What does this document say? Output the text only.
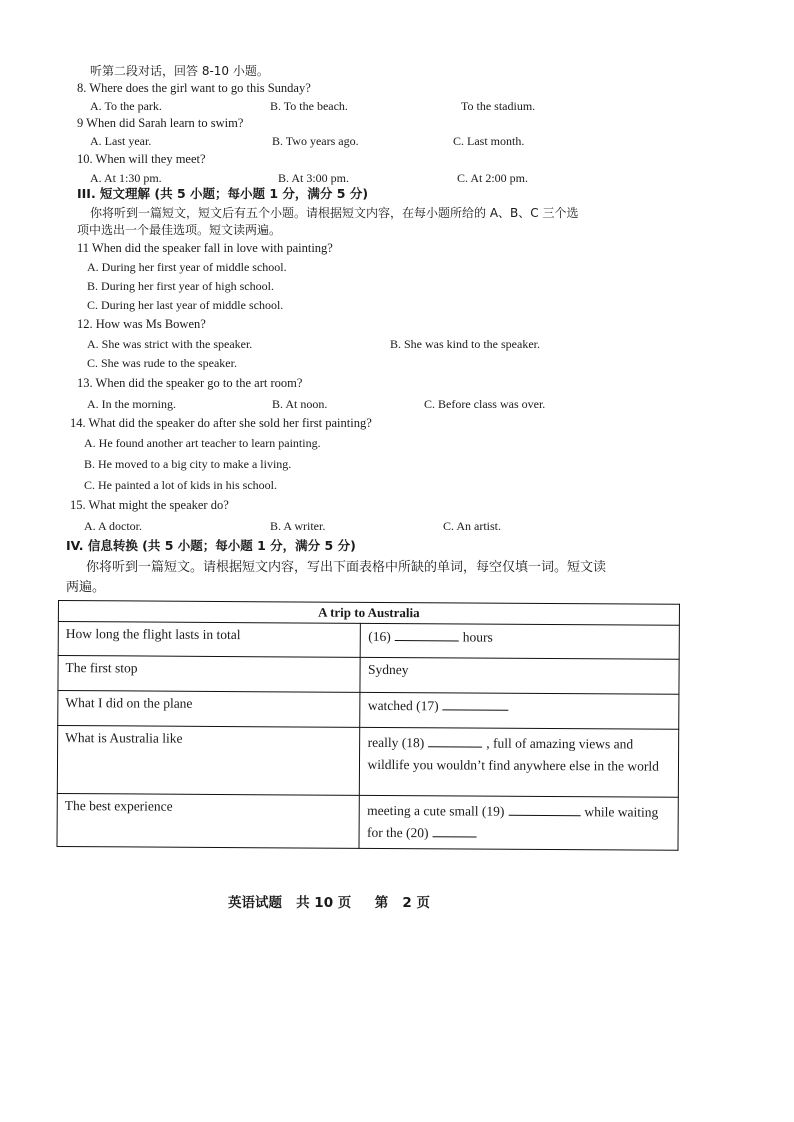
听第二段对话，回答 8-10 小题。
8. Where does the girl want to go this Sunday?
A. To the park.	B. To the beach.	To the stadium.
9 When did Sarah learn to swim?
A. Last year.	B. Two years ago.	C. Last month.
10. When will they meet?
A. At 1:30 pm.	B. At 3:00 pm.	C. At 2:00 pm.
III. 短文理解 (共 5 小题；每小题 1 分，满分 5 分)
你将听到一篇短文，短文后有五个小题。请根据短文内容，在每小题所给的 A、B、C 三个选
项中选出一个最佳选项。短文读两遍。
11 When did the speaker fall in love with painting?
A. During her first year of middle school.
B. During her first year of high school.
C. During her last year of middle school.
12. How was Ms Bowen?
A. She was strict with the speaker.	B. She was kind to the speaker.
C. She was rude to the speaker.
13. When did the speaker go to the art room?
A. In the morning.	B. At noon.	C. Before class was over.
14. What did the speaker do after she sold her first painting?
A. He found another art teacher to learn painting.
B. He moved to a big city to make a living.
C. He painted a lot of kids in his school.
15. What might the speaker do?
A. A doctor.	B. A writer.	C. An artist.
IV. 信息转换 (共 5 小题；每小题 1 分，满分 5 分)
你将听到一篇短文。请根据短文内容，写出下面表格中所缺的单词，每空仅填一词。短文读
两遍。
A trip to Australia	
How long the flight lasts in total	(16) hours
The first stop	Sydney
What I did on the plane	watched (17)
What is Australia like	really (18) , full of amazing views and wildlife you wouldn’t find anywhere else in the world
The best experience	meeting a cute small (19) while waiting for the (20)
英语试题   共 10 页     第   2 页
